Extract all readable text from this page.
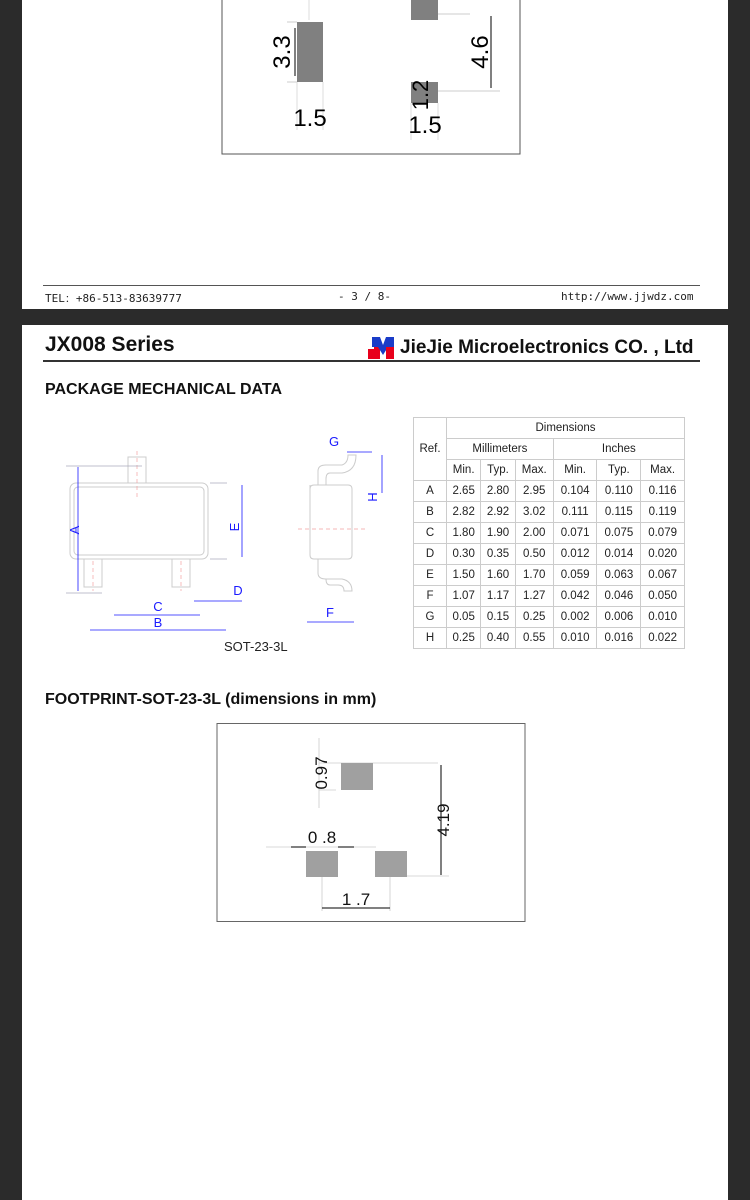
3.3
1.5
4.6
1.2
1.5
TEL：+86-513-83639777	- 3 / 8-	http://www.jjwdz.com
JX008 Series	JieJie Microelectronics CO. , Ltd
PACKAGE MECHANICAL DATA
A	E
C
B
D
F
G
H
SOT-23-3L
Ref.	Dimensions					
	Millimeters			Inches		
	Min.	Typ.	Max.	Min.	Typ.	Max.
A	2.65	2.80	2.95	0.104	0.110	0.116
B	2.82	2.92	3.02	0.111	0.115	0.119
C	1.80	1.90	2.00	0.071	0.075	0.079
D	0.30	0.35	0.50	0.012	0.014	0.020
E	1.50	1.60	1.70	0.059	0.063	0.067
F	1.07	1.17	1.27	0.042	0.046	0.050
G	0.05	0.15	0.25	0.002	0.006	0.010
H	0.25	0.40	0.55	0.010	0.016	0.022
FOOTPRINT-SOT-23-3L (dimensions in mm)
0.97
4.19
0 .8
1 .7
